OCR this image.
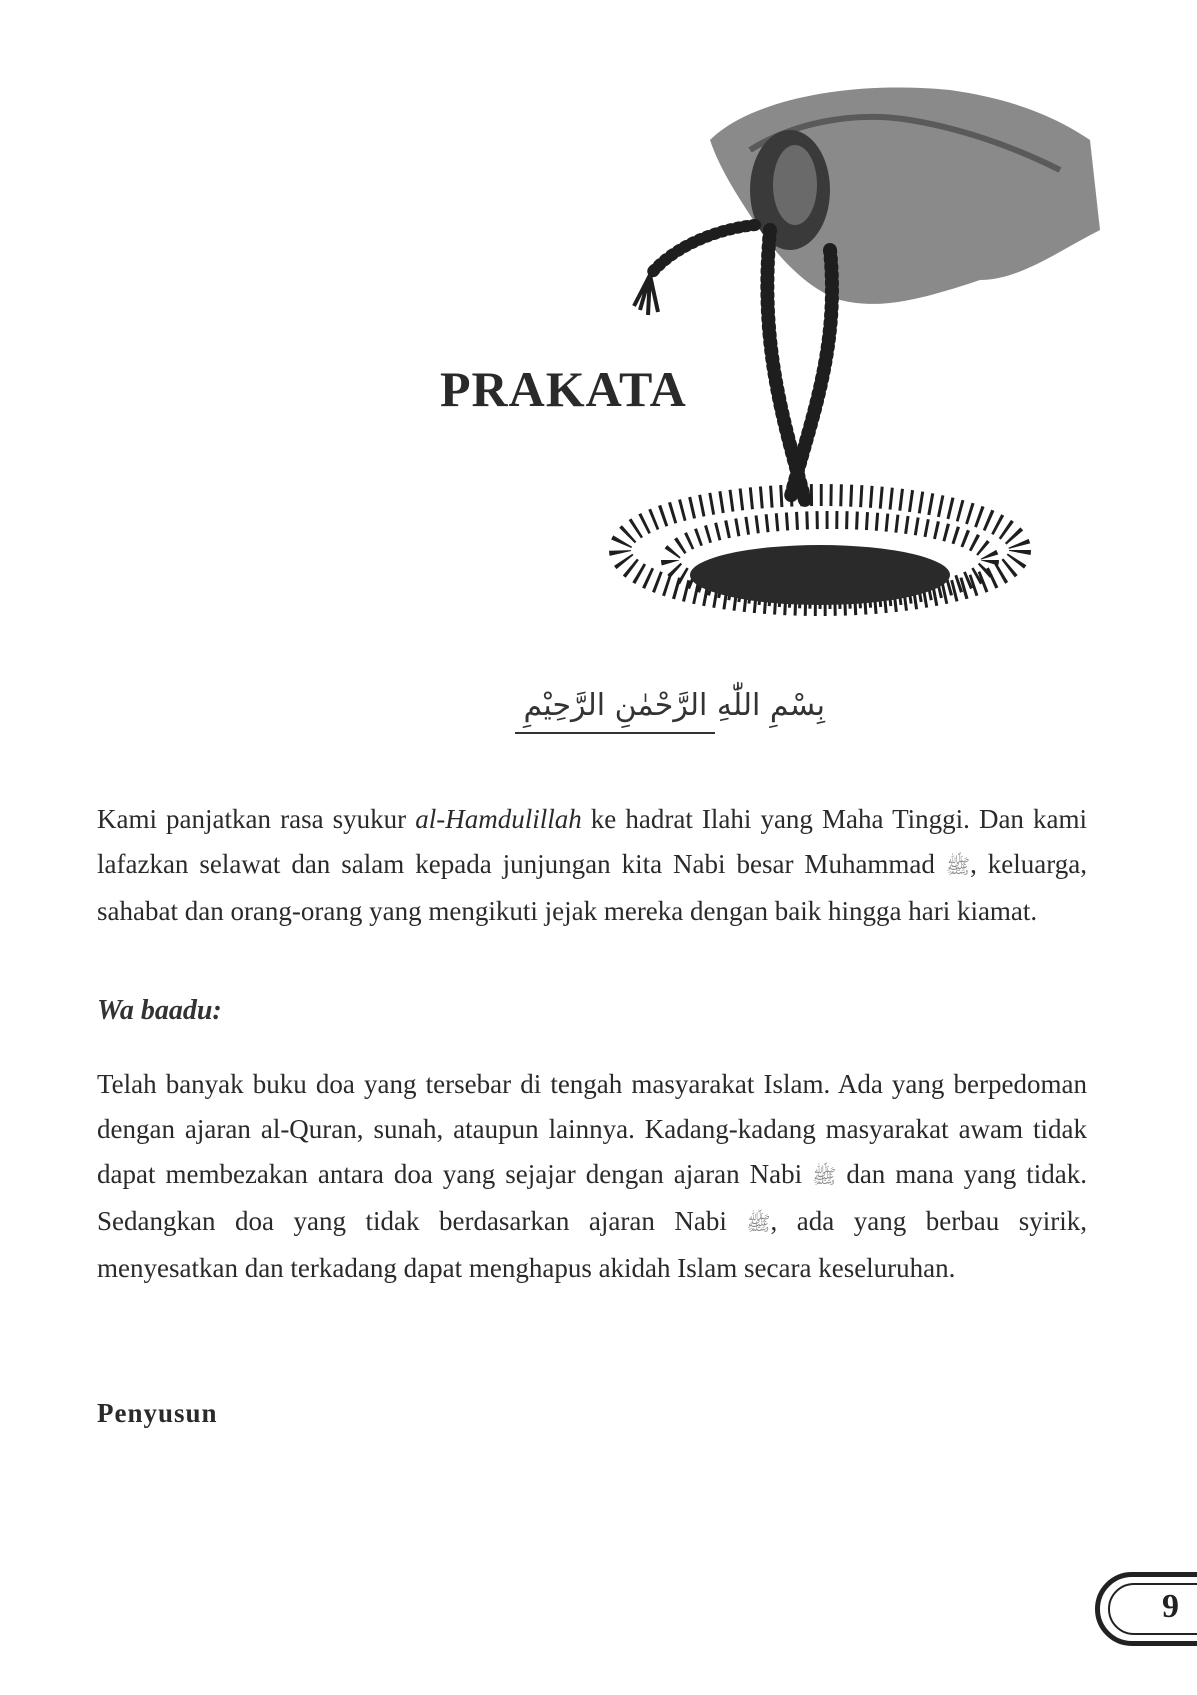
PRAKATA
بِسْمِ اللّٰهِ الرَّحْمٰنِ الرَّحِيْمِ

Kami panjatkan rasa syukur al-Hamdulillah ke hadrat Ilahi yang Maha Tinggi. Dan kami lafazkan selawat dan salam kepada junjungan kita Nabi besar Muhammad ﷺ, keluarga, sahabat dan orang-orang yang mengikuti jejak mereka dengan baik hingga hari kiamat.

Wa baadu:

Telah banyak buku doa yang tersebar di tengah masyarakat Islam. Ada yang berpedoman dengan ajaran al-Quran, sunah, ataupun lainnya. Kadang-kadang masyarakat awam tidak dapat membezakan antara doa yang sejajar dengan ajaran Nabi ﷺ dan mana yang tidak. Sedangkan doa yang tidak berdasarkan ajaran Nabi ﷺ, ada yang berbau syirik, menyesatkan dan terkadang dapat menghapus akidah Islam secara keseluruhan.

Penyusun
9
